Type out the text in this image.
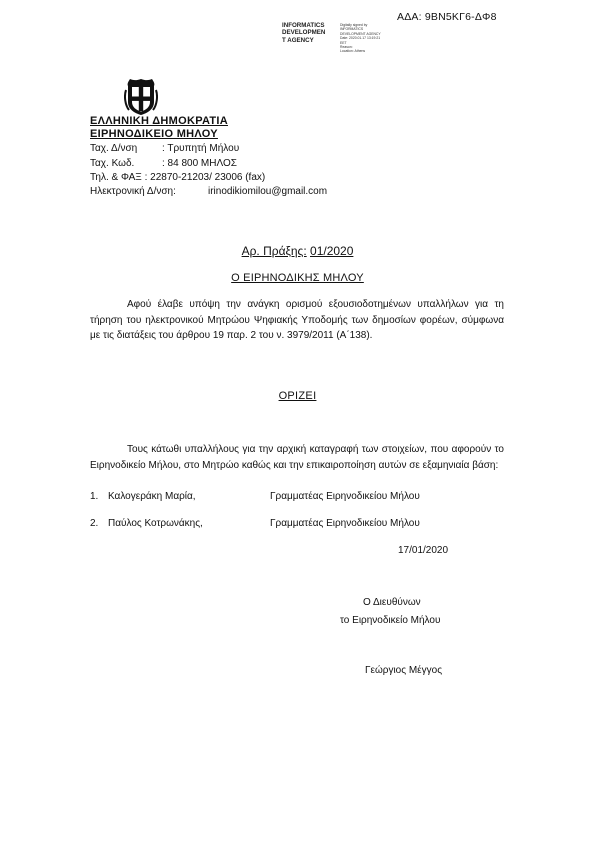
ΑΔΑ: 9ΒΝ5ΚΓ6-ΔΦ8
INFORMATICS
DEVELOPMEN
T AGENCY
Digitally signed by
INFORMATICS
DEVELOPMENT AGENCY
Date: 2020.01.17 13:19:21
EET
Reason:
Location: Athens
ΕΛΛΗΝΙΚΗ ΔΗΜΟΚΡΑΤΙΑ
ΕΙΡΗΝΟΔΙΚΕΙΟ ΜΗΛΟΥ
Ταχ. Δ/νση : Τρυπητή Μήλου
Ταχ. Κωδ.	: 84 800 ΜΗΛΟΣ
Τηλ. & ΦΑΞ : 22870-21203/ 23006 (fax)
Ηλεκτρονική Δ/νση:	irinodikiomilou@gmail.com
Αρ. Πράξης: 01/2020
Ο ΕΙΡΗΝΟΔΙΚΗΣ ΜΗΛΟΥ
Αφού έλαβε υπόψη την ανάγκη ορισμού εξουσιοδοτημένων υπαλλήλων για τη τήρηση του ηλεκτρονικού Μητρώου Ψηφιακής Υποδομής των δημοσίων φορέων, σύμφωνα με τις διατάξεις του άρθρου 19 παρ. 2 του ν. 3979/2011 (Α΄138).
ΟΡΙΖΕΙ
Τους κάτωθι υπαλλήλους για την αρχική καταγραφή των στοιχείων, που αφορούν το Ειρηνοδικείο Μήλου, στο Μητρώο καθώς και την επικαιροποίηση αυτών σε εξαμηνιαία βάση:
1. Καλογεράκη Μαρία,	Γραμματέας Ειρηνοδικείου Μήλου
2. Παύλος Κοτρωνάκης,	Γραμματέας Ειρηνοδικείου Μήλου
17/01/2020
Ο Διευθύνων
το Ειρηνοδικείο Μήλου
Γεώργιος Μέγγος
